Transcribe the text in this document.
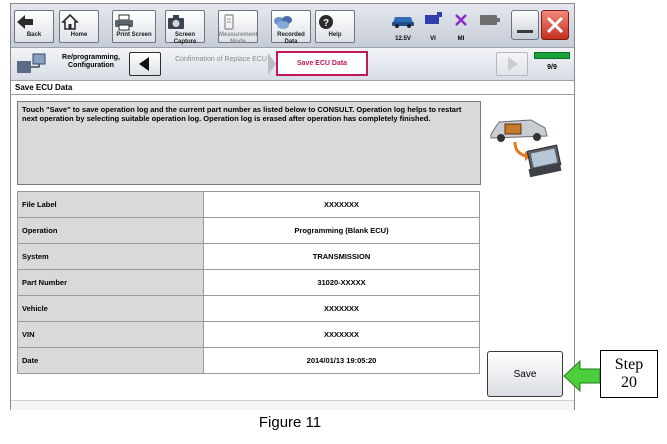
Back	Home	Print Screen	Screen Capture
Measurement Mode
Recorded Data
?
Help
12.5V	VI	MI
Re/programming, Configuration
Confirmation of Replace ECU
Save ECU Data
9/9
Save ECU Data
Touch "Save" to save operation log and the current part number as listed below to CONSULT. Operation log helps to restart next operation by selecting suitable operation log. Operation log is erased after operation has completely finished.
File Label	XXXXXXX
Operation	Programming (Blank ECU)
System	TRANSMISSION
Part Number	31020-XXXXX
Vehicle	XXXXXXX
VIN	XXXXXXX
Date	2014/01/13 19:05:20
Save
Step
20
Figure 11
